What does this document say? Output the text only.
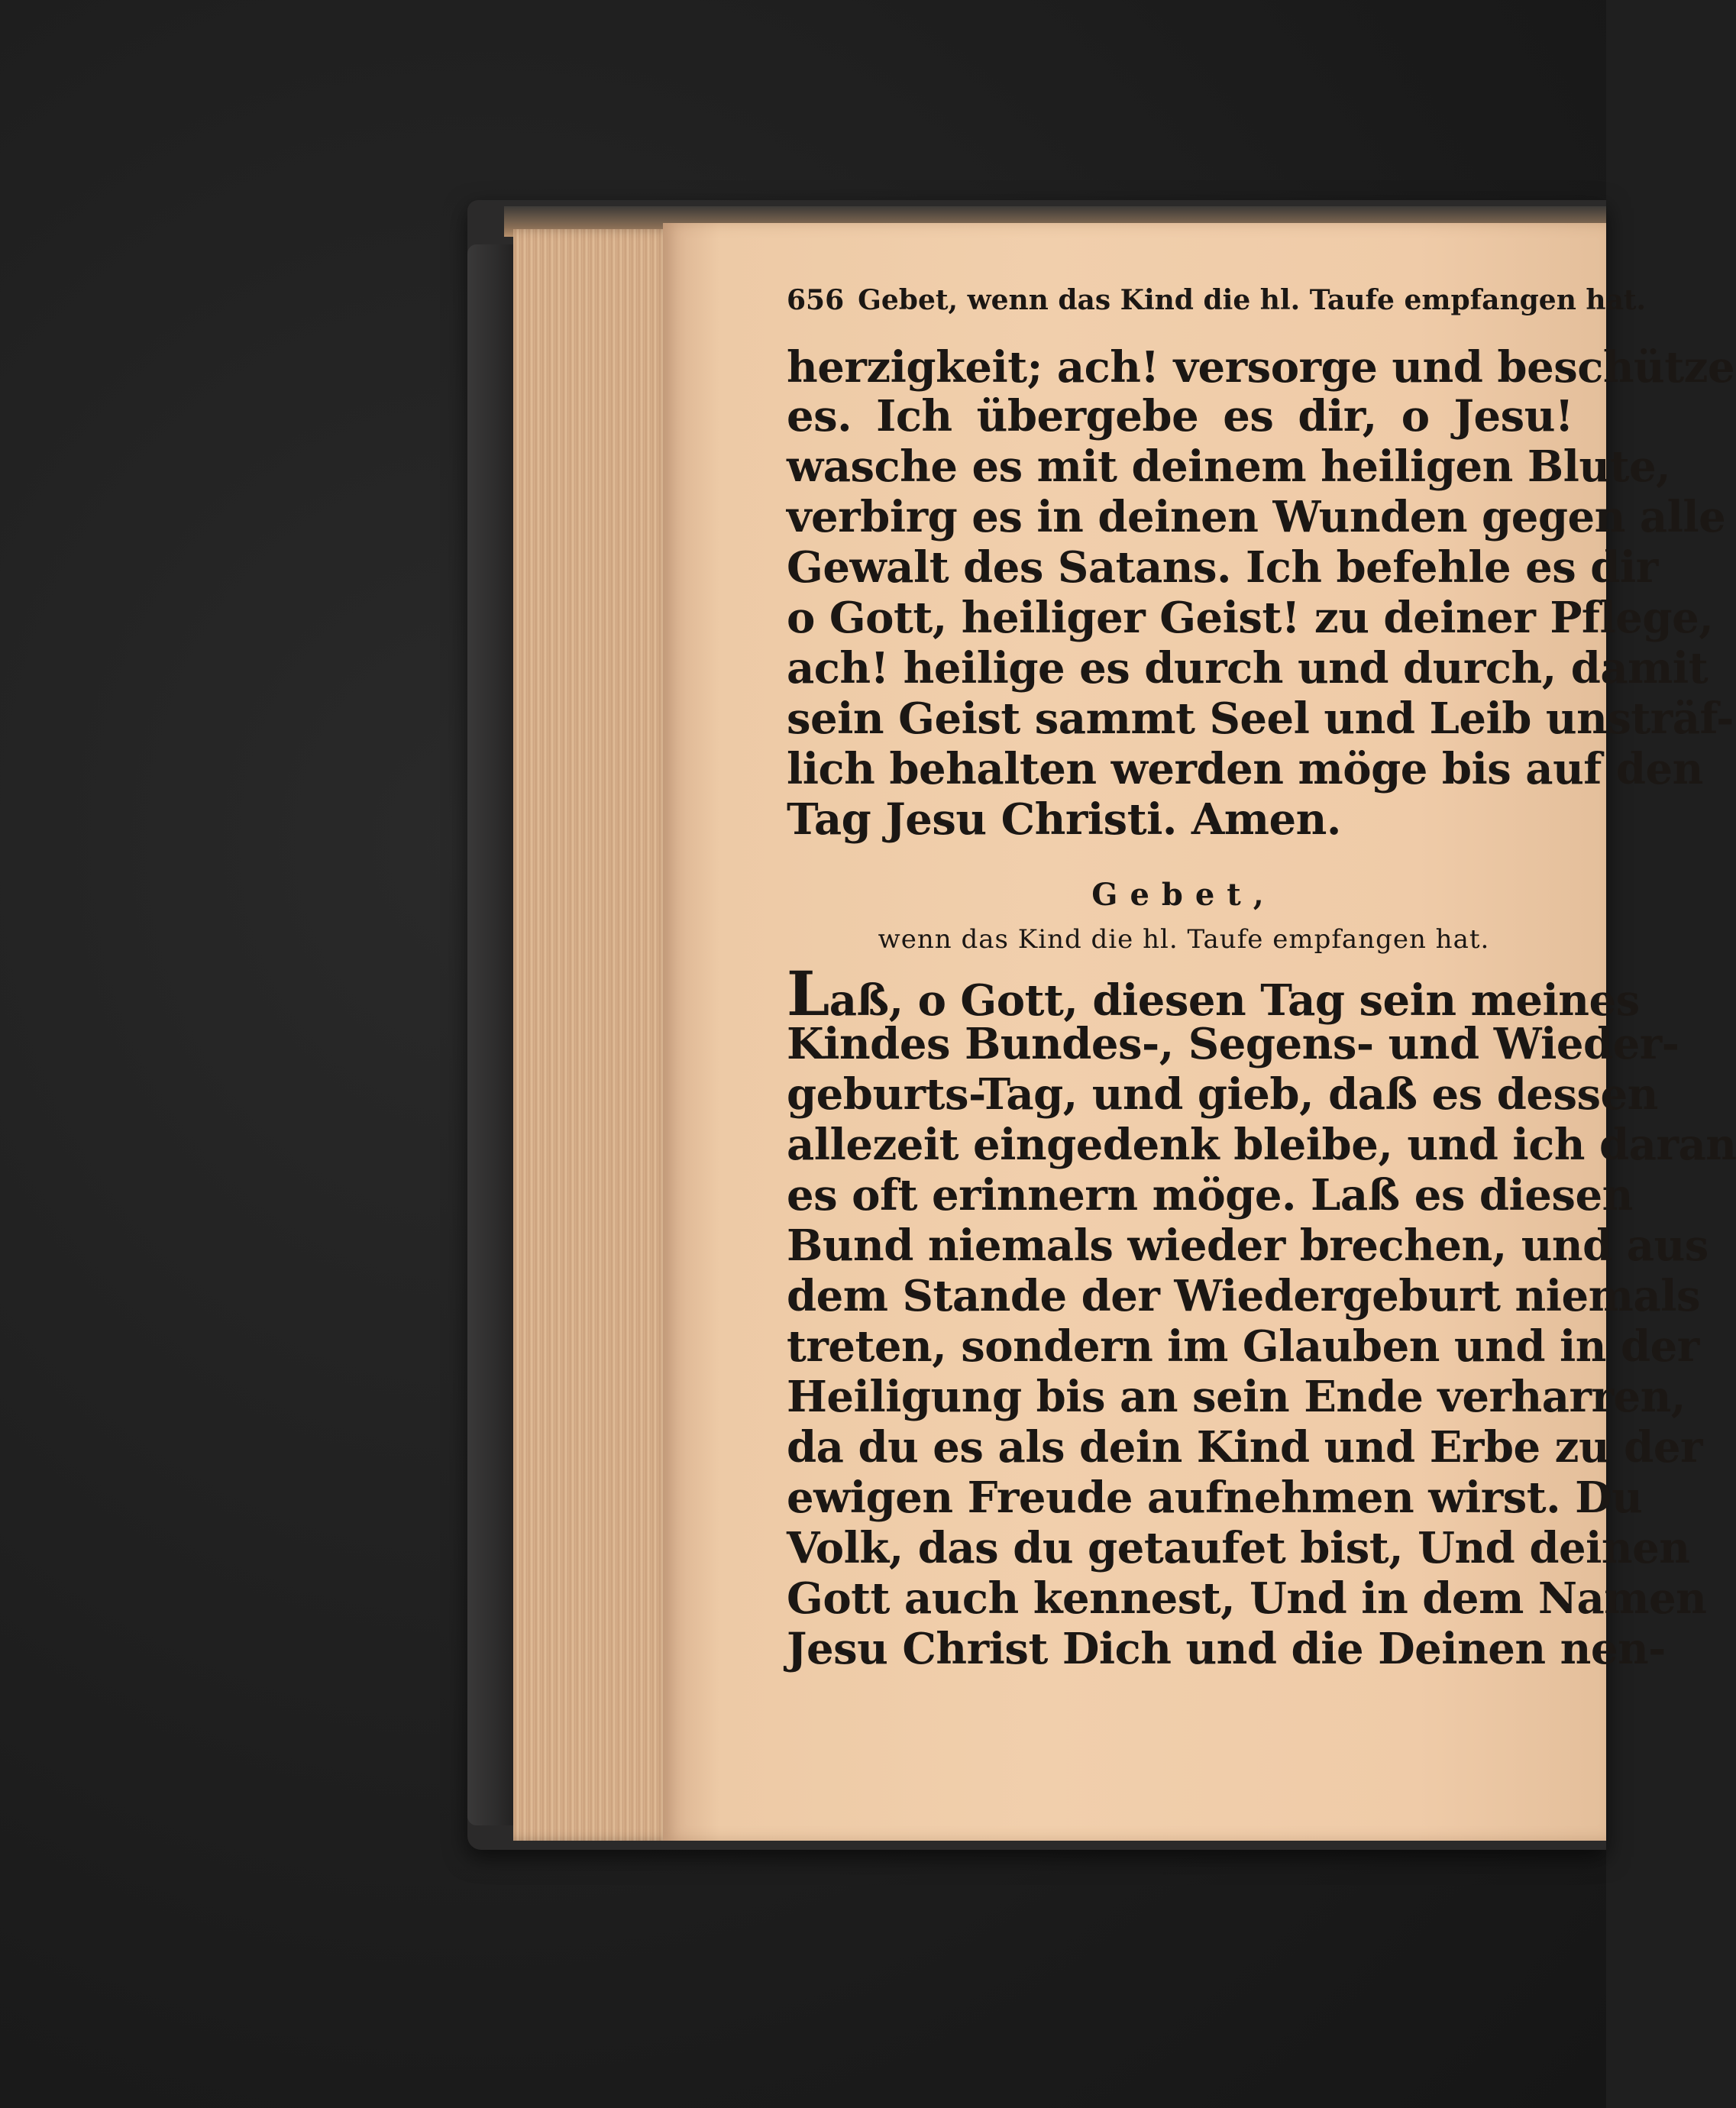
656 Gebet, wenn das Kind die hl. Taufe empfangen hat.
herzigkeit; ach! versorge und beschütze
es. Ich übergebe es dir, o Jesu!
wasche es mit deinem heiligen Blute,
verbirg es in deinen Wunden gegen alle
Gewalt des Satans. Ich befehle es dir
o Gott, heiliger Geist! zu deiner Pflege,
ach! heilige es durch und durch, damit
sein Geist sammt Seel und Leib unsträf-
lich behalten werden möge bis auf den
Tag Jesu Christi. Amen.
Gebet,
wenn das Kind die hl. Taufe empfangen hat.
Laß, o Gott, diesen Tag sein meines
Kindes Bundes-, Segens- und Wieder-
geburts-Tag, und gieb, daß es dessen
allezeit eingedenk bleibe, und ich daran
es oft erinnern möge. Laß es diesen
Bund niemals wieder brechen, und aus
dem Stande der Wiedergeburt niemals
treten, sondern im Glauben und in der
Heiligung bis an sein Ende verharren,
da du es als dein Kind und Erbe zu der
ewigen Freude aufnehmen wirst. Du
Volk, das du getaufet bist, Und deinen
Gott auch kennest, Und in dem Namen
Jesu Christ Dich und die Deinen nen-
